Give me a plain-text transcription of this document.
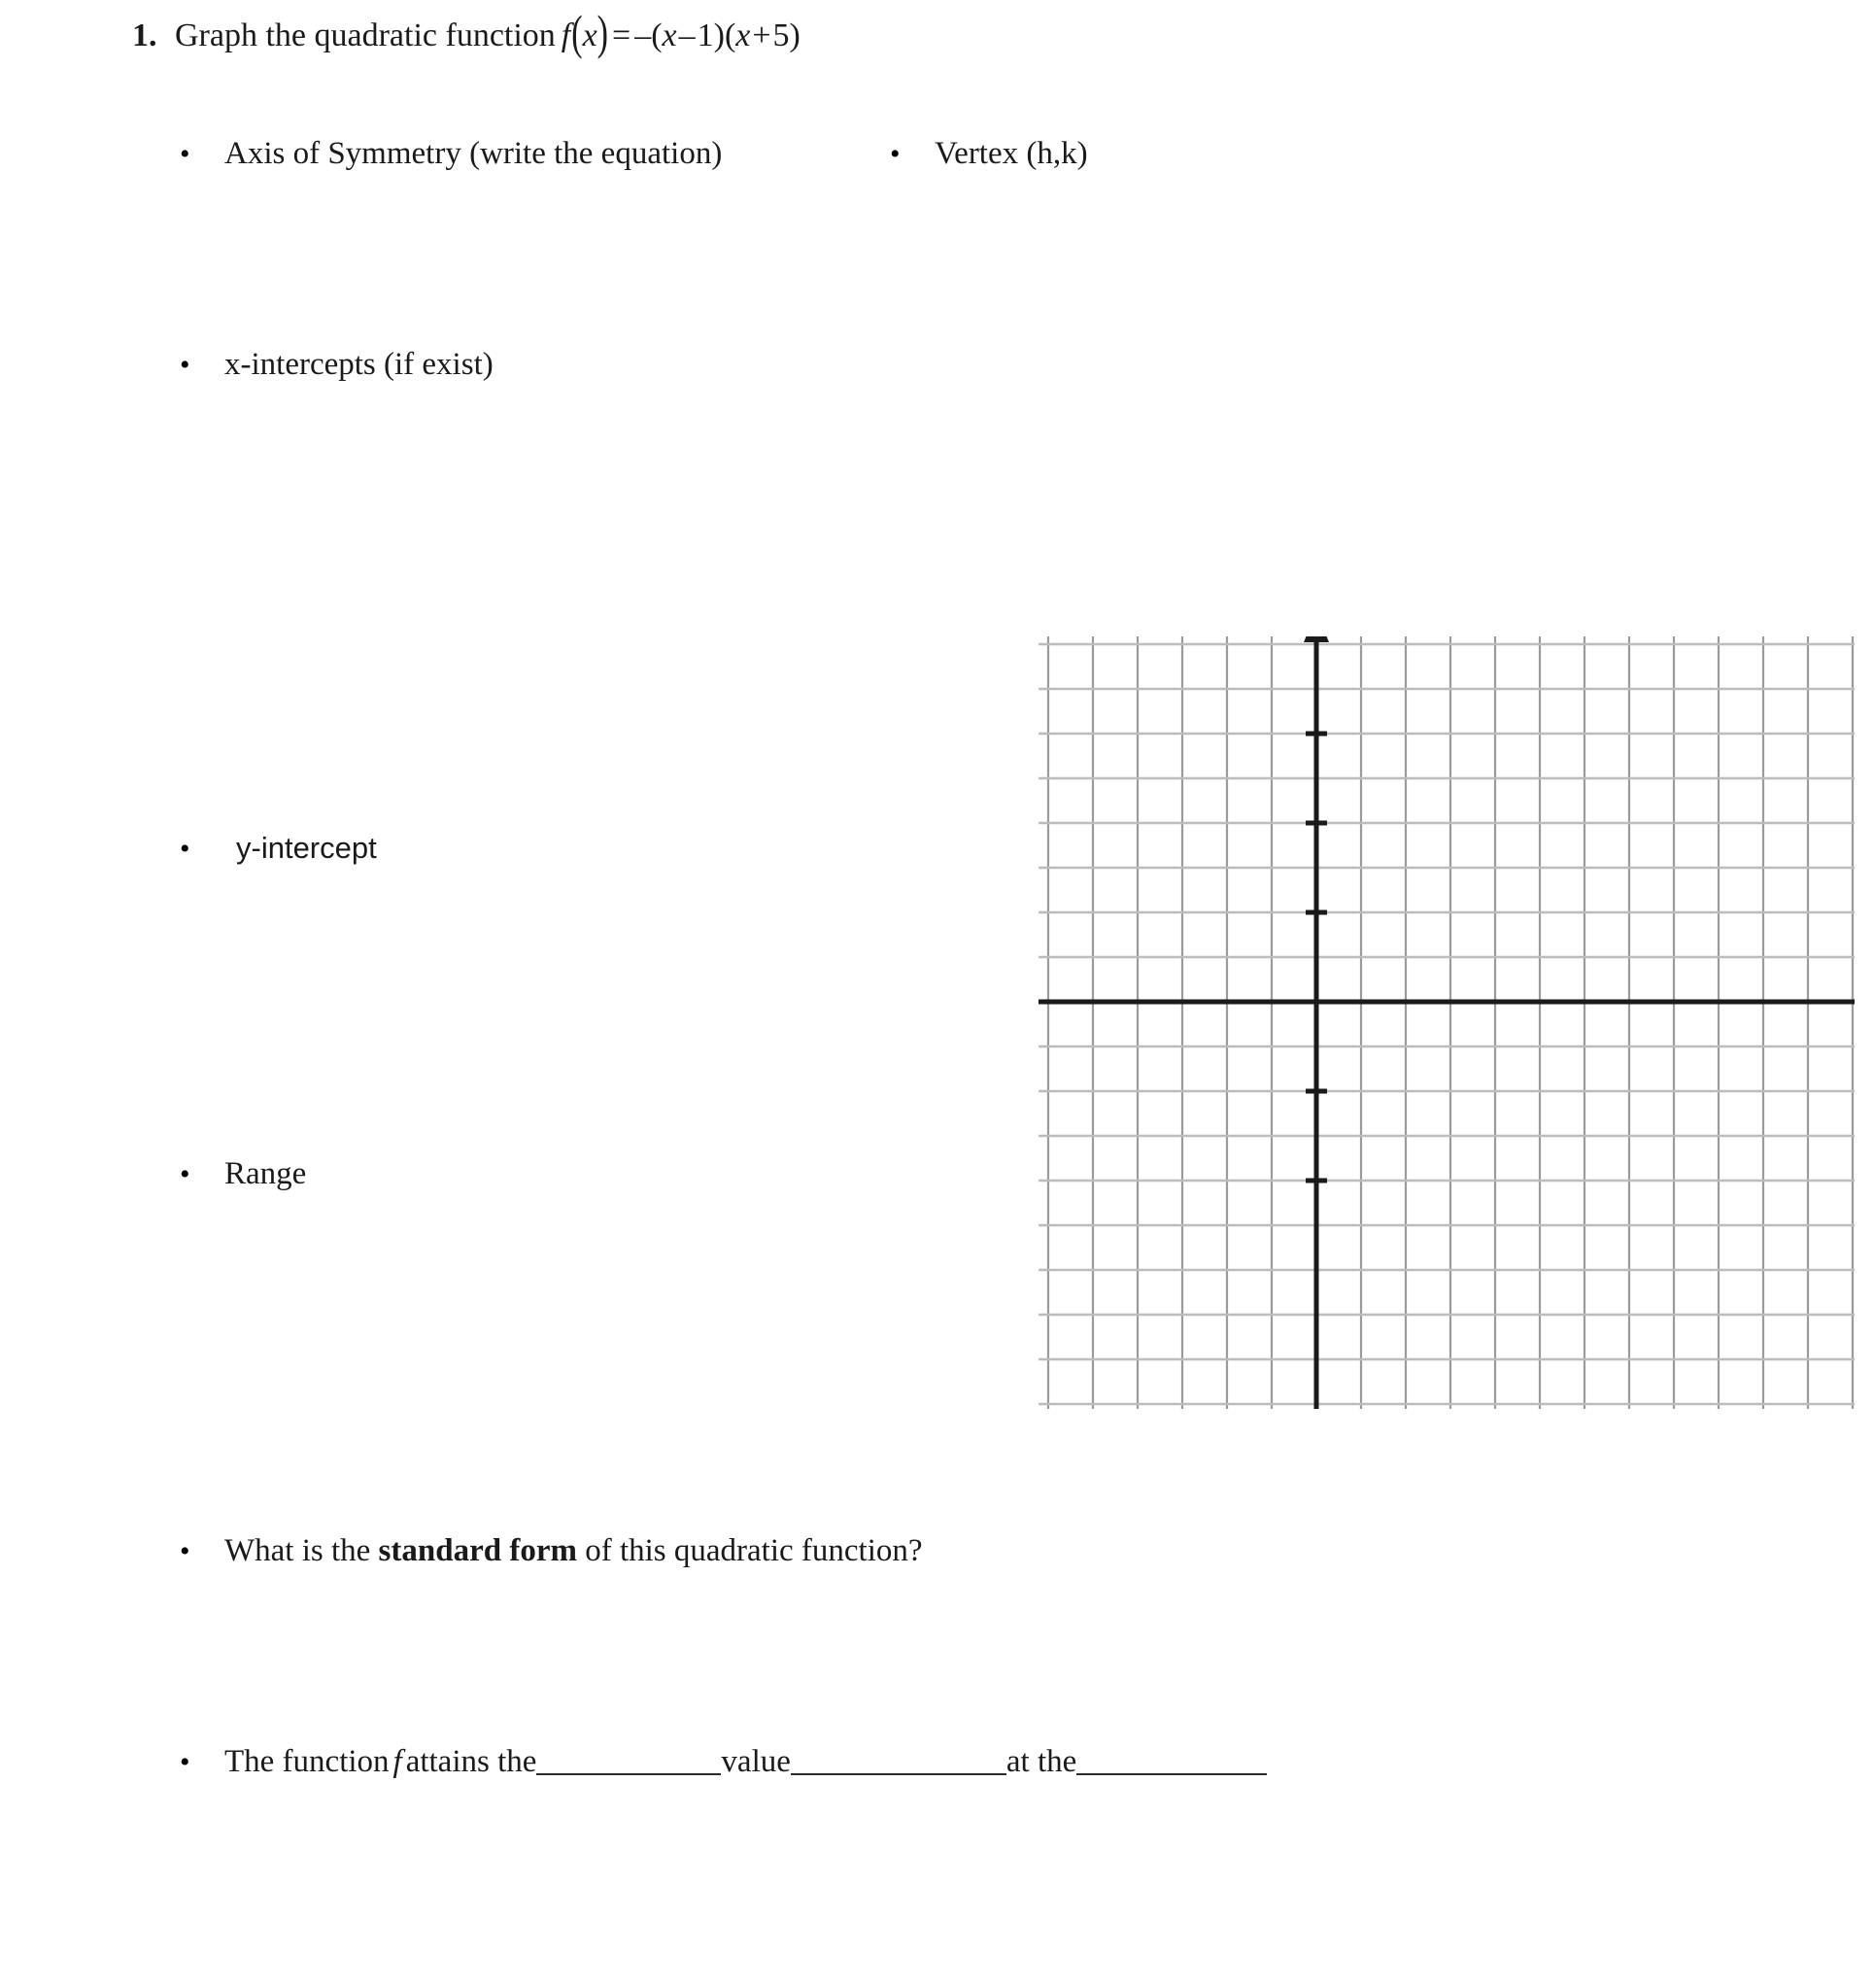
1. Graph the quadratic function f(x) = –(x–1)(x+5)
•	Axis of Symmetry (write the equation)	•	Vertex (h,k)
•	x-intercepts (if exist)
•	y-intercept
•	Range
•	What is the standard form of this quadratic function?
•	The function f attains the	value	at the
